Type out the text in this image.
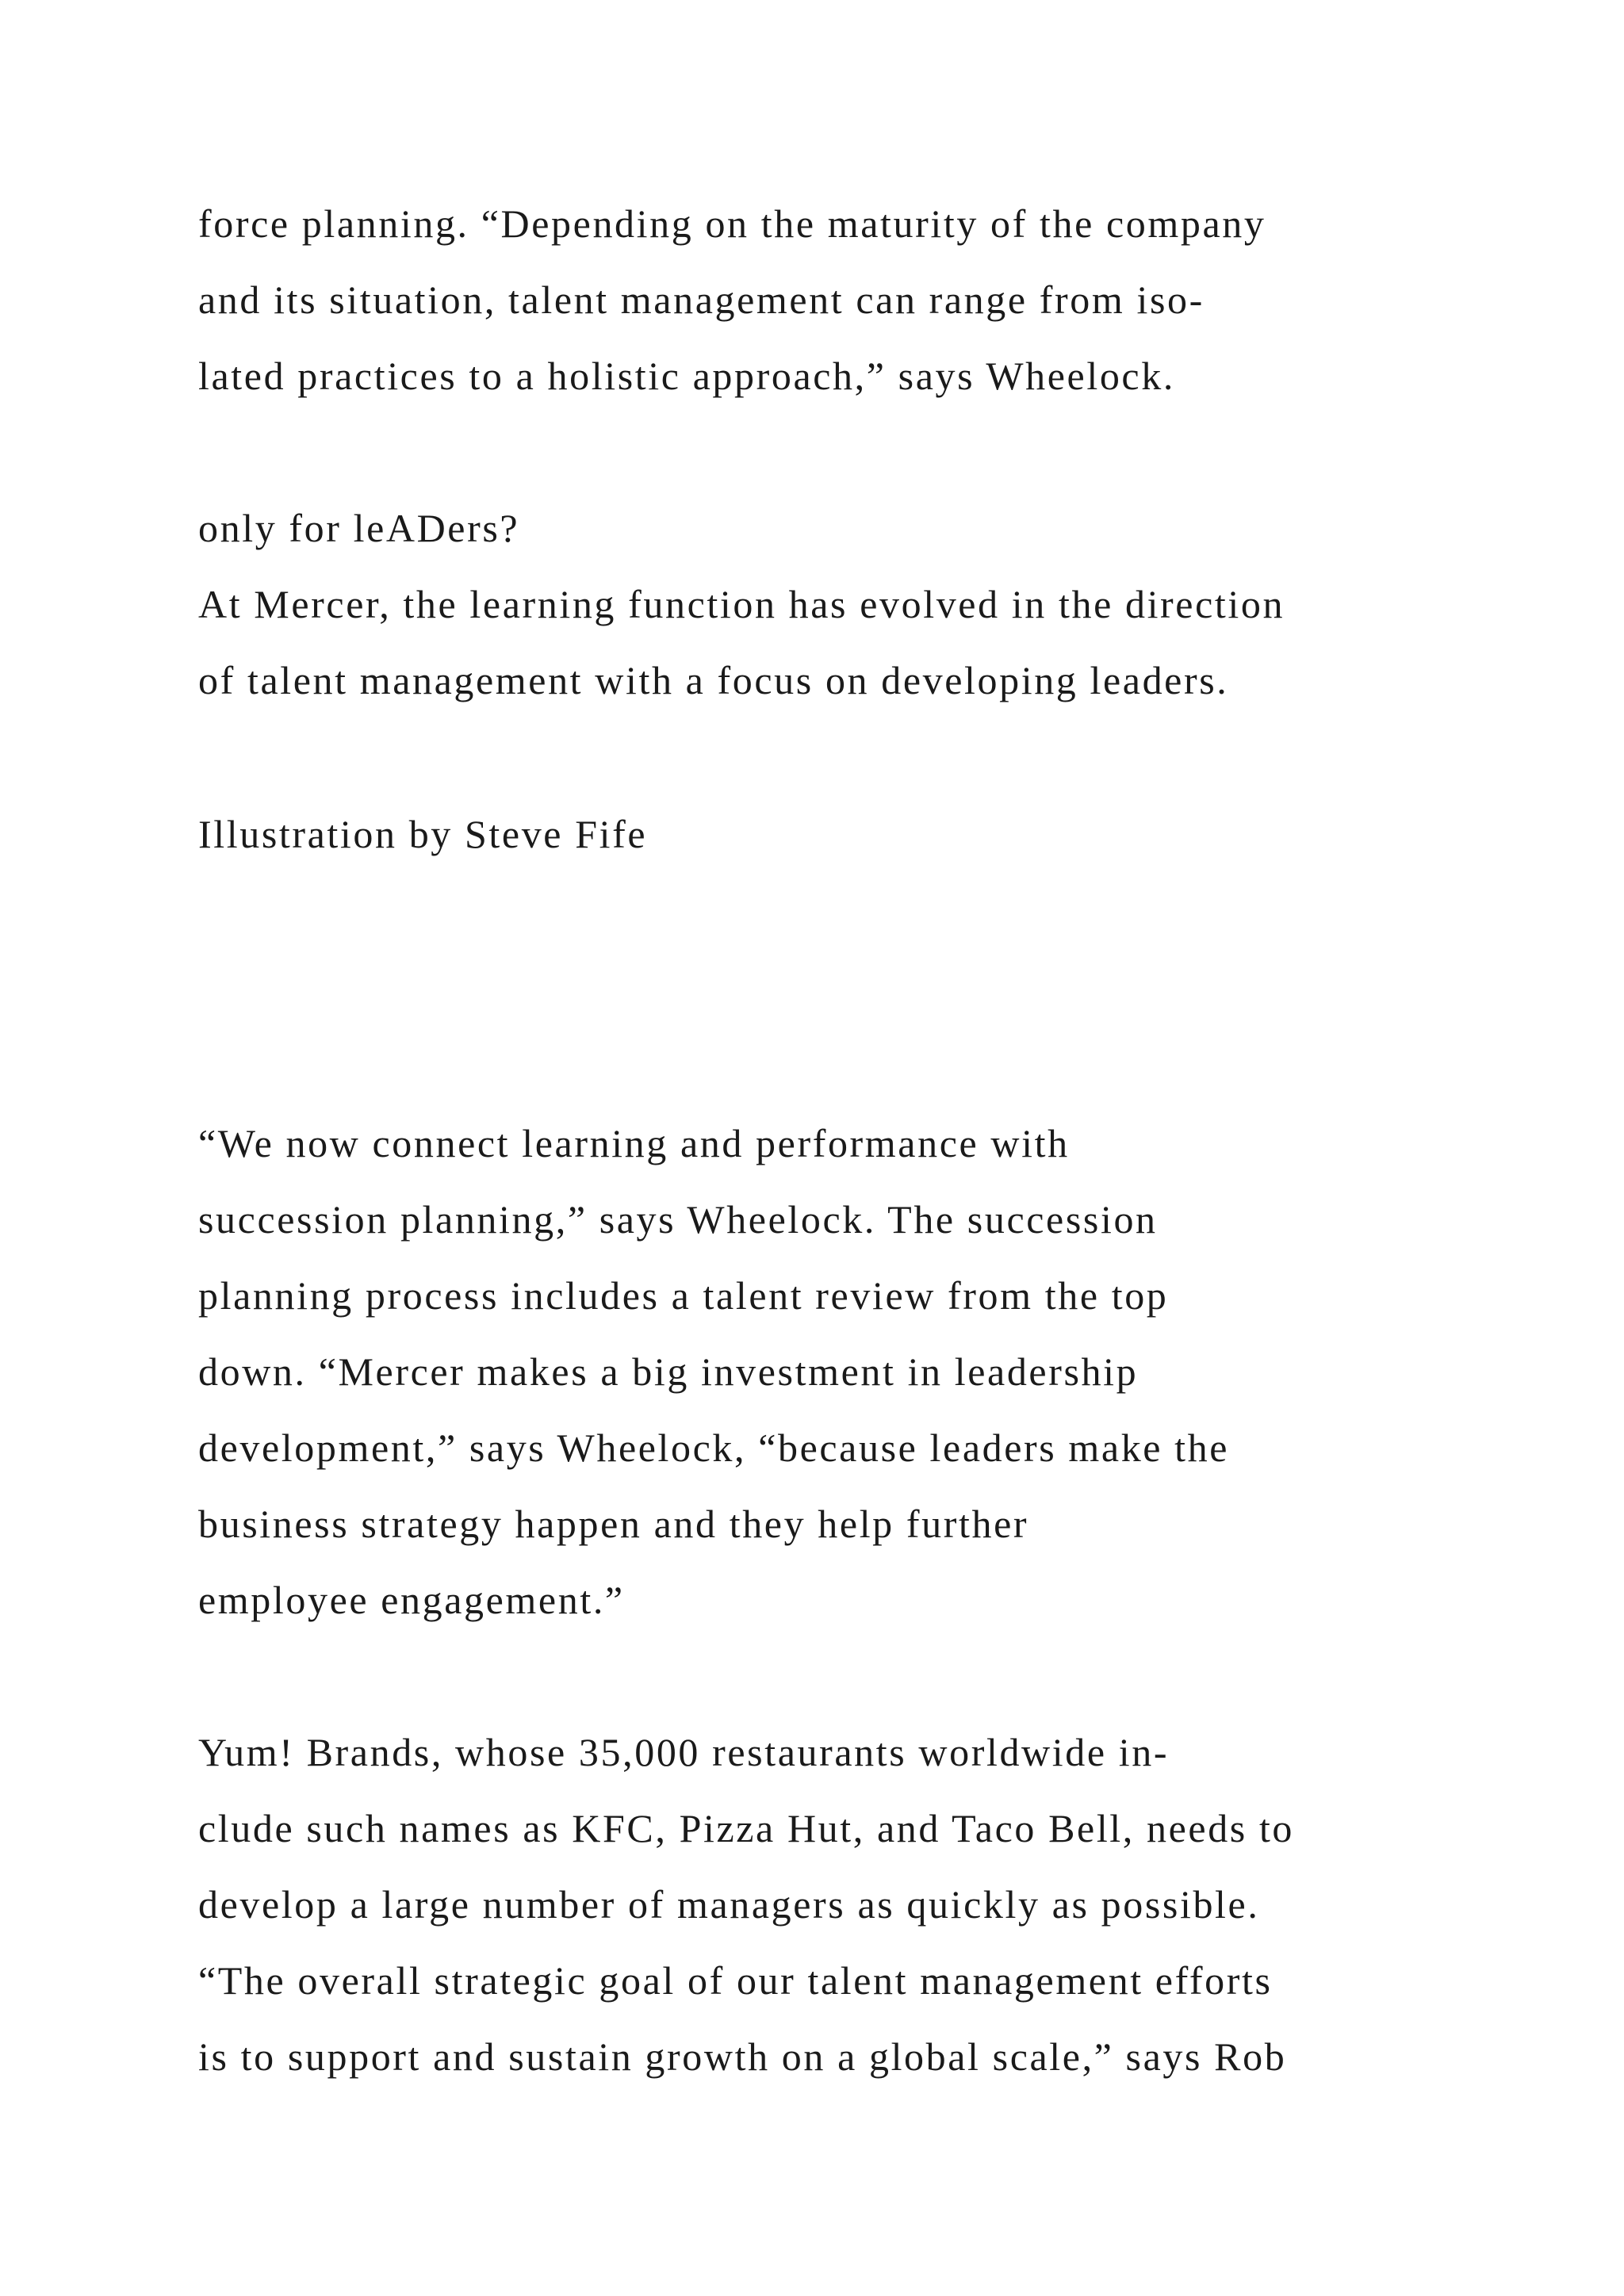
force planning. “Depending on the maturity of the company

and its situation, talent management can range from iso-

lated practices to a holistic approach,” says Wheelock.

only for leADers?

At Mercer, the learning function has evolved in the direction

of talent management with a focus on developing leaders.

Illustration by Steve Fife

“We now connect learning and performance with

succession planning,” says Wheelock. The succession

planning process includes a talent review from the top

down. “Mercer makes a big investment in leadership

development,” says Wheelock, “because leaders make the

business strategy happen and they help further

employee engagement.”

Yum! Brands, whose 35,000 restaurants worldwide in-

clude such names as KFC, Pizza Hut, and Taco Bell, needs to

develop a large number of managers as quickly as possible.

“The overall strategic goal of our talent management efforts

is to support and sustain growth on a global scale,” says Rob
